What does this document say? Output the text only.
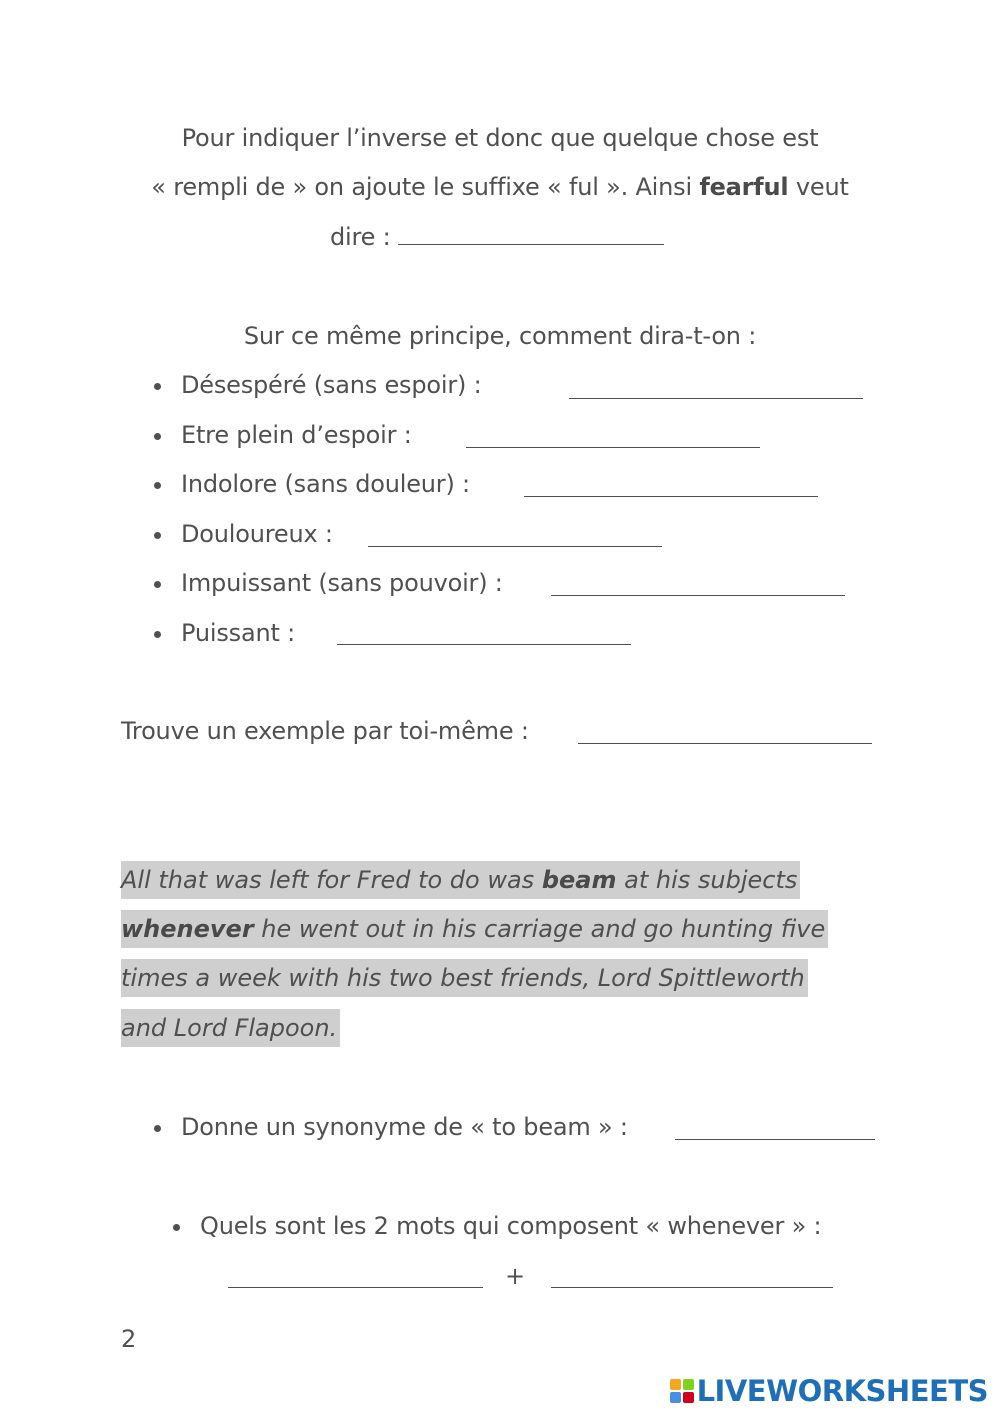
Pour indiquer l’inverse et donc que quelque chose est
« rempli de » on ajoute le suffixe « ful ». Ainsi fearful veut
dire :
Sur ce même principe, comment dira-t-on :
Désespéré (sans espoir) :
Etre plein d’espoir :
Indolore (sans douleur) :
Douloureux :
Impuissant (sans pouvoir) :
Puissant :
Trouve un exemple par toi-même :
All that was left for Fred to do was beam at his subjects
whenever he went out in his carriage and go hunting five
times a week with his two best friends, Lord Spittleworth
and Lord Flapoon.
Donne un synonyme de « to beam » :
Quels sont les 2 mots qui composent « whenever » :
+
2
LIVEWORKSHEETS
